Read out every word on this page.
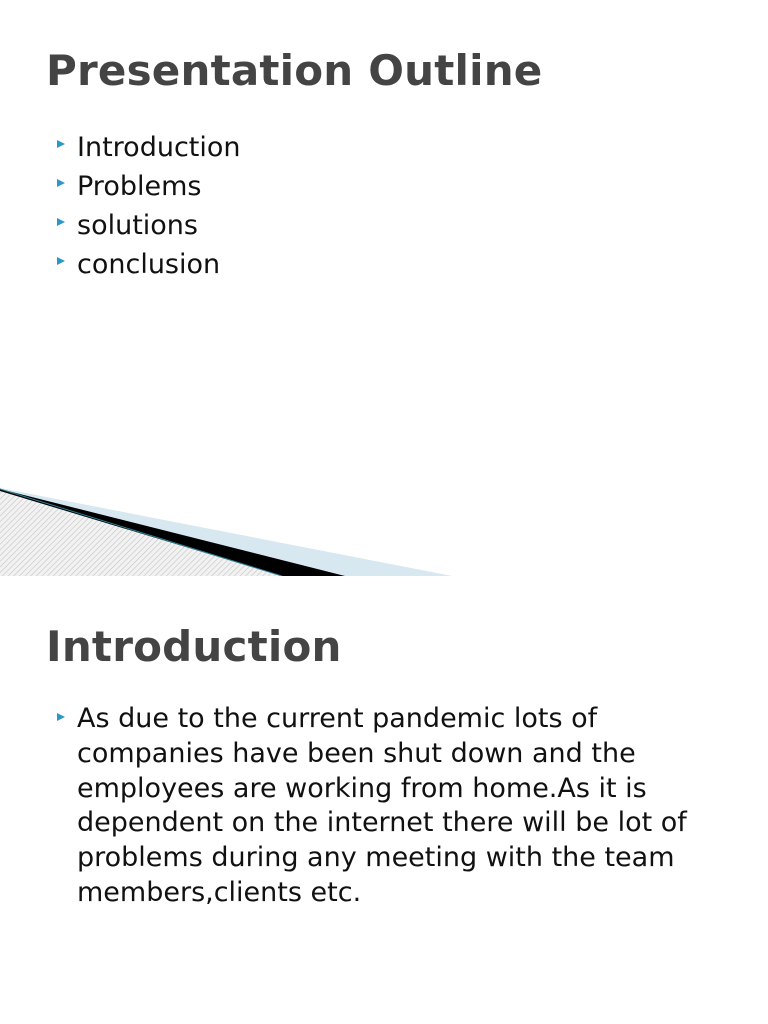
Presentation Outline
Introduction
Problems
solutions
conclusion
Introduction
As due to the current pandemic lots of companies have been shut down and the employees are working from home.As it is dependent on the internet there will be lot of problems during any meeting with the team members,clients etc.
